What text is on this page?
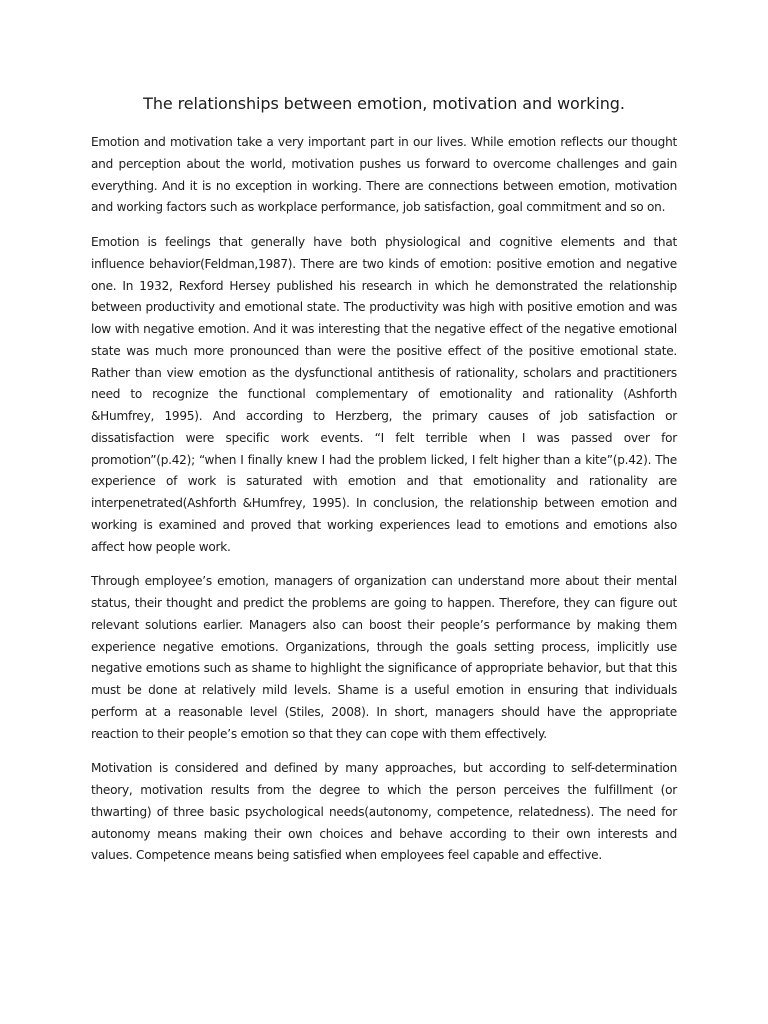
The relationships between emotion, motivation and working.

Emotion and motivation take a very important part in our lives. While emotion reflects our thought and perception about the world, motivation pushes us forward to overcome challenges and gain everything. And it is no exception in working. There are connections between emotion, motivation and working factors such as workplace performance, job satisfaction, goal commitment and so on.

Emotion is feelings that generally have both physiological and cognitive elements and that influence behavior(Feldman,1987). There are two kinds of emotion: positive emotion and negative one. In 1932, Rexford Hersey published his research in which he demonstrated the relationship between productivity and emotional state. The productivity was high with positive emotion and was low with negative emotion. And it was interesting that the negative effect of the negative emotional state was much more pronounced than were the positive effect of the positive emotional state. Rather than view emotion as the dysfunctional antithesis of rationality, scholars and practitioners need to recognize the functional complementary of emotionality and rationality (Ashforth &Humfrey, 1995). And according to Herzberg, the primary causes of job satisfaction or dissatisfaction were specific work events. “I felt terrible when I was passed over for promotion”(p.42); “when I finally knew I had the problem licked, I felt higher than a kite”(p.42). The experience of work is saturated with emotion and that emotionality and rationality are interpenetrated(Ashforth &Humfrey, 1995). In conclusion, the relationship between emotion and working is examined and proved that working experiences lead to emotions and emotions also affect how people work.

Through employee’s emotion, managers of organization can understand more about their mental status, their thought and predict the problems are going to happen. Therefore, they can figure out relevant solutions earlier. Managers also can boost their people’s performance by making them experience negative emotions. Organizations, through the goals setting process, implicitly use negative emotions such as shame to highlight the significance of appropriate behavior, but that this must be done at relatively mild levels. Shame is a useful emotion in ensuring that individuals perform at a reasonable level (Stiles, 2008). In short, managers should have the appropriate reaction to their people’s emotion so that they can cope with them effectively.

Motivation is considered and defined by many approaches, but according to self-determination theory, motivation results from the degree to which the person perceives the fulfillment (or thwarting) of three basic psychological needs(autonomy, competence, relatedness). The need for autonomy means making their own choices and behave according to their own interests and values. Competence means being satisfied when employees feel capable and effective.
